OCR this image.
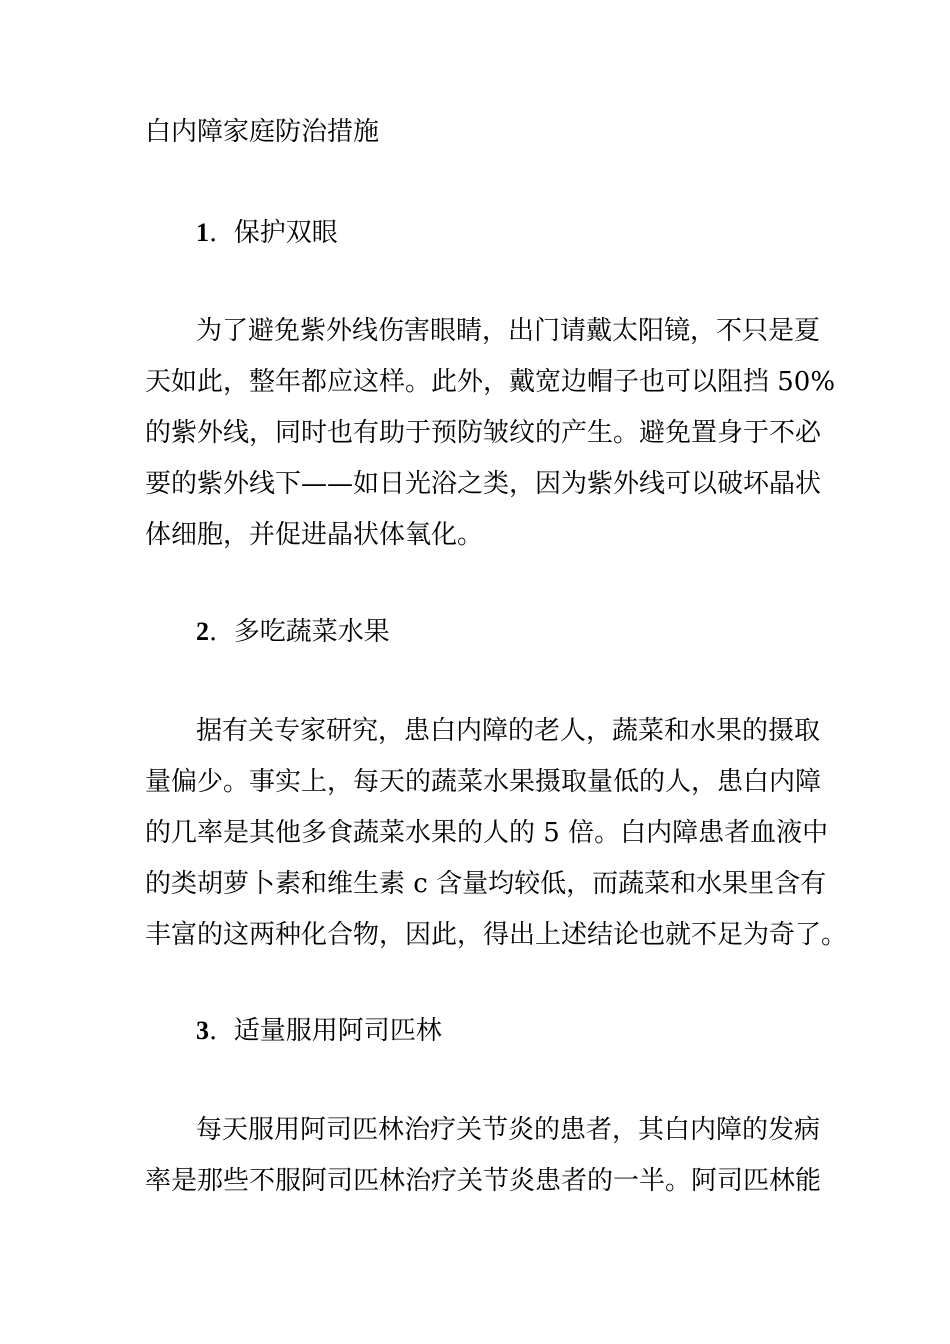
白内障家庭防治措施
1.  保护双眼
为了避免紫外线伤害眼睛，出门请戴太阳镜，不只是夏
天如此，整年都应这样。此外，戴宽边帽子也可以阻挡 50%
的紫外线，同时也有助于预防皱纹的产生。避免置身于不必
要的紫外线下——如日光浴之类，因为紫外线可以破坏晶状
体细胞，并促进晶状体氧化。
2.  多吃蔬菜水果
据有关专家研究，患白内障的老人，蔬菜和水果的摄取
量偏少。事实上，每天的蔬菜水果摄取量低的人，患白内障
的几率是其他多食蔬菜水果的人的 5 倍。白内障患者血液中
的类胡萝卜素和维生素 c 含量均较低，而蔬菜和水果里含有
丰富的这两种化合物，因此，得出上述结论也就不足为奇了。
3.  适量服用阿司匹林
每天服用阿司匹林治疗关节炎的患者，其白内障的发病
率是那些不服阿司匹林治疗关节炎患者的一半。阿司匹林能
